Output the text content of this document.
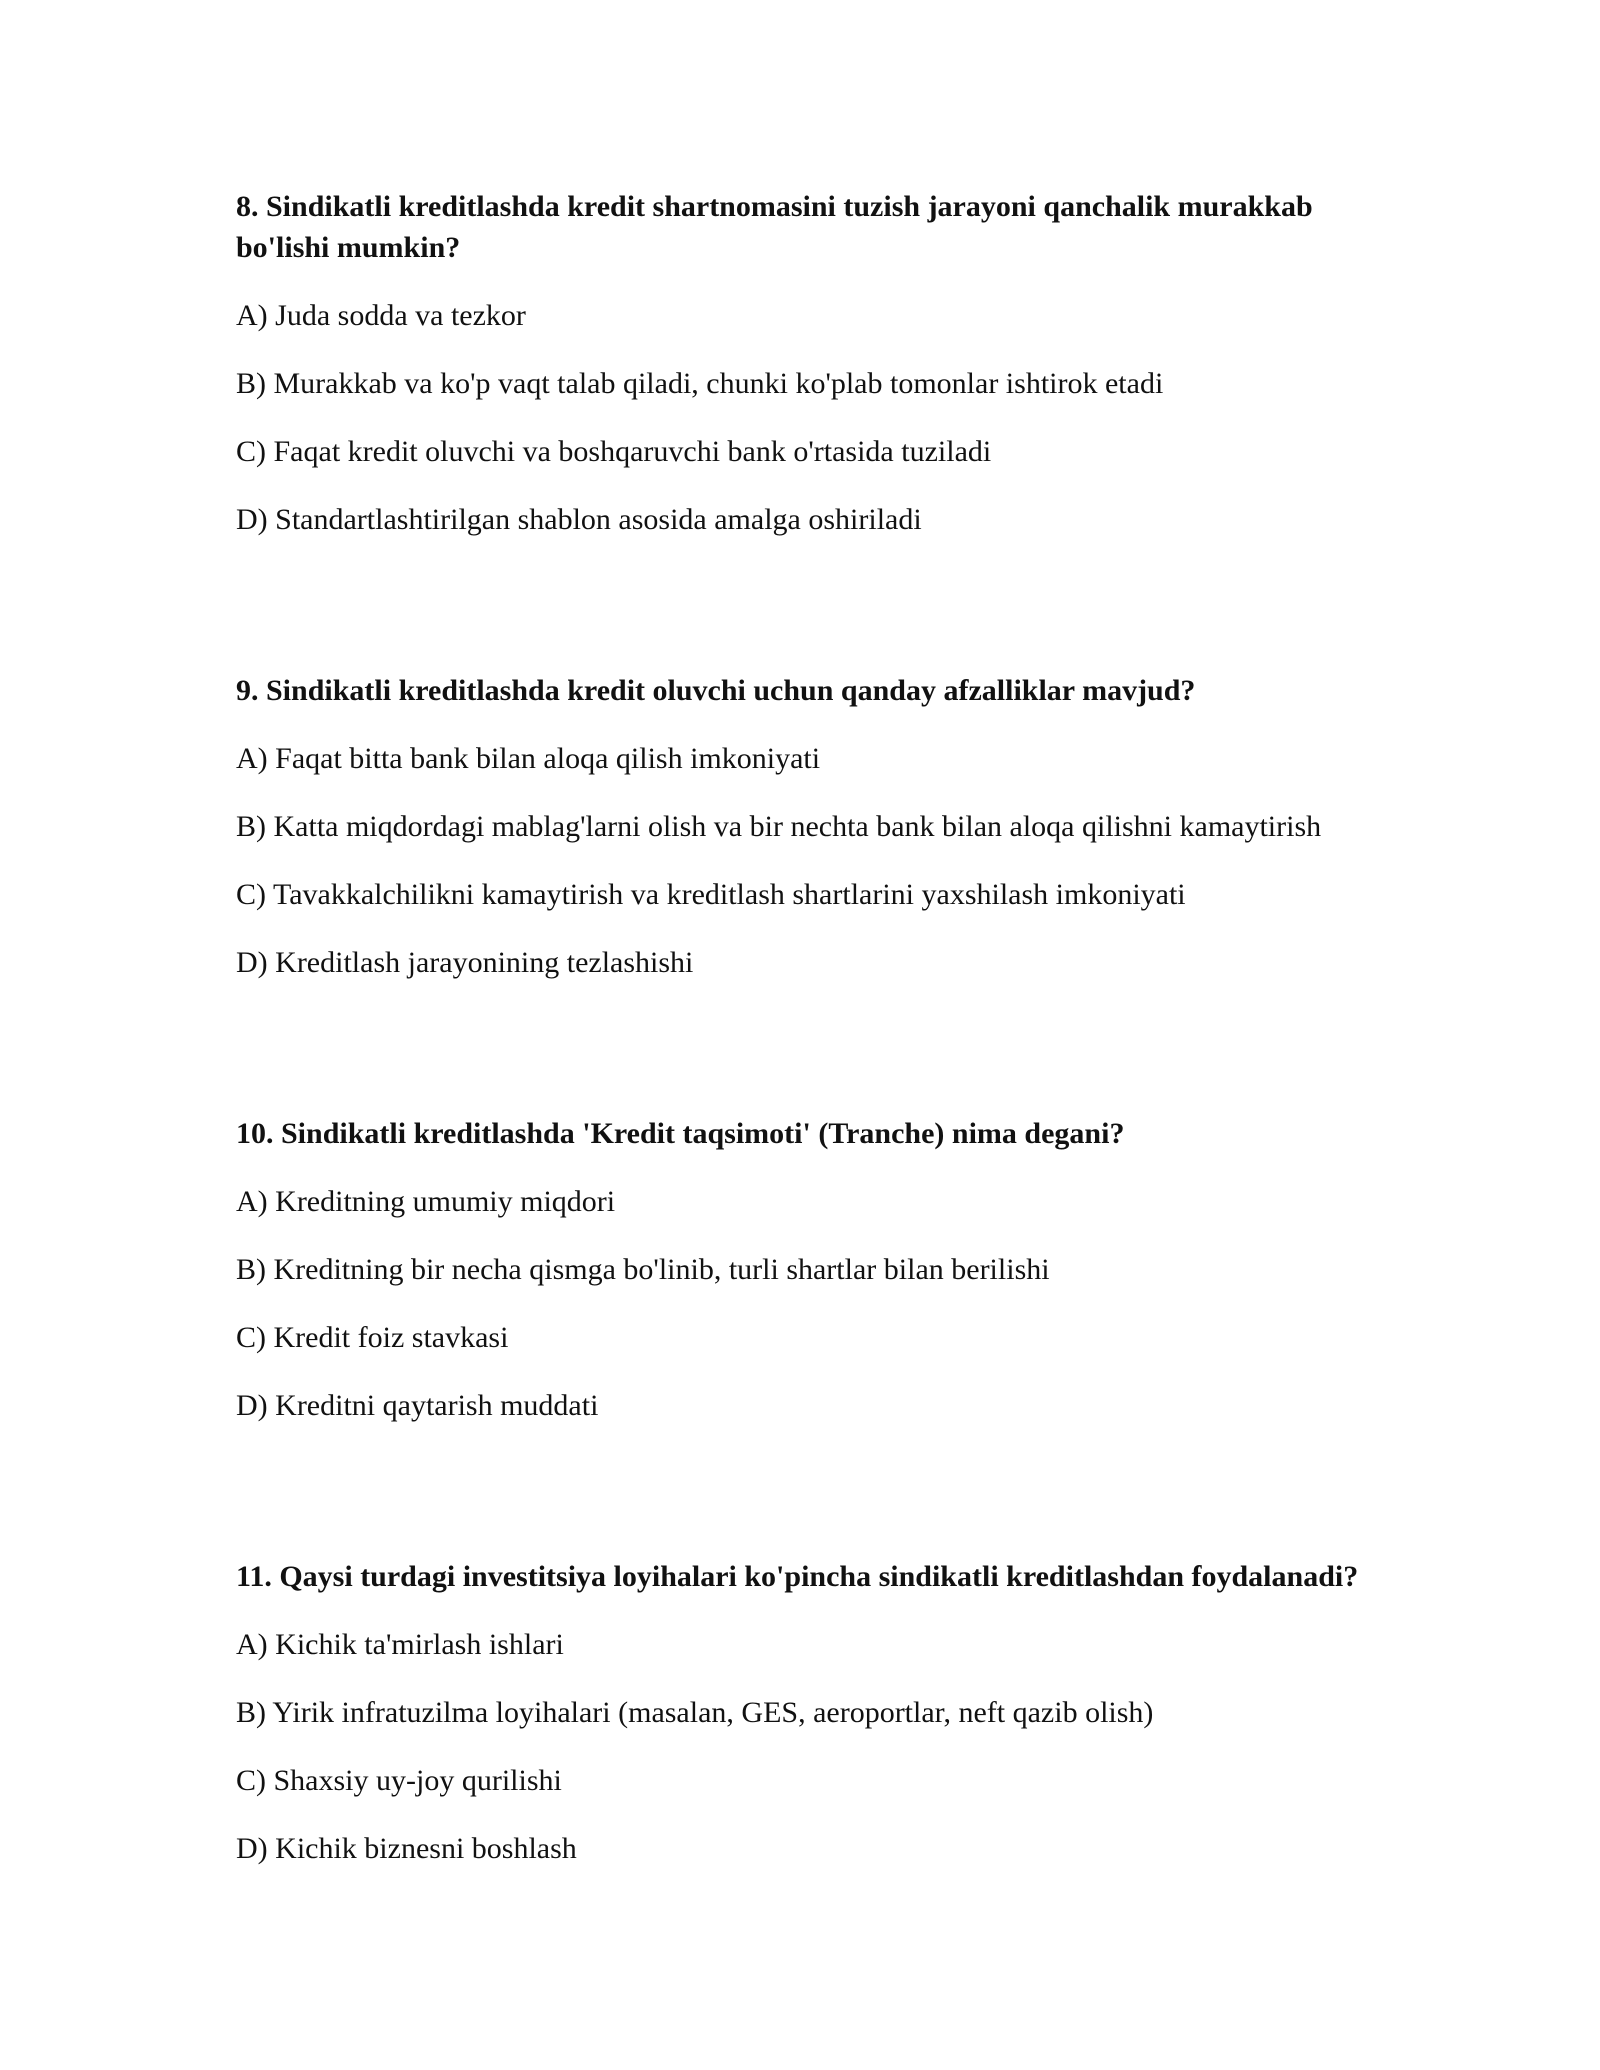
8. Sindikatli kreditlashda kredit shartnomasini tuzish jarayoni qanchalik murakkab bo'lishi mumkin?
A) Juda sodda va tezkor
B) Murakkab va ko'p vaqt talab qiladi, chunki ko'plab tomonlar ishtirok etadi
C) Faqat kredit oluvchi va boshqaruvchi bank o'rtasida tuziladi
D) Standartlashtirilgan shablon asosida amalga oshiriladi
9. Sindikatli kreditlashda kredit oluvchi uchun qanday afzalliklar mavjud?
A) Faqat bitta bank bilan aloqa qilish imkoniyati
B) Katta miqdordagi mablag'larni olish va bir nechta bank bilan aloqa qilishni kamaytirish
C) Tavakkalchilikni kamaytirish va kreditlash shartlarini yaxshilash imkoniyati
D) Kreditlash jarayonining tezlashishi
10. Sindikatli kreditlashda 'Kredit taqsimoti' (Tranche) nima degani?
A) Kreditning umumiy miqdori
B) Kreditning bir necha qismga bo'linib, turli shartlar bilan berilishi
C) Kredit foiz stavkasi
D) Kreditni qaytarish muddati
11. Qaysi turdagi investitsiya loyihalari ko'pincha sindikatli kreditlashdan foydalanadi?
A) Kichik ta'mirlash ishlari
B) Yirik infratuzilma loyihalari (masalan, GES, aeroportlar, neft qazib olish)
C) Shaxsiy uy-joy qurilishi
D) Kichik biznesni boshlash
